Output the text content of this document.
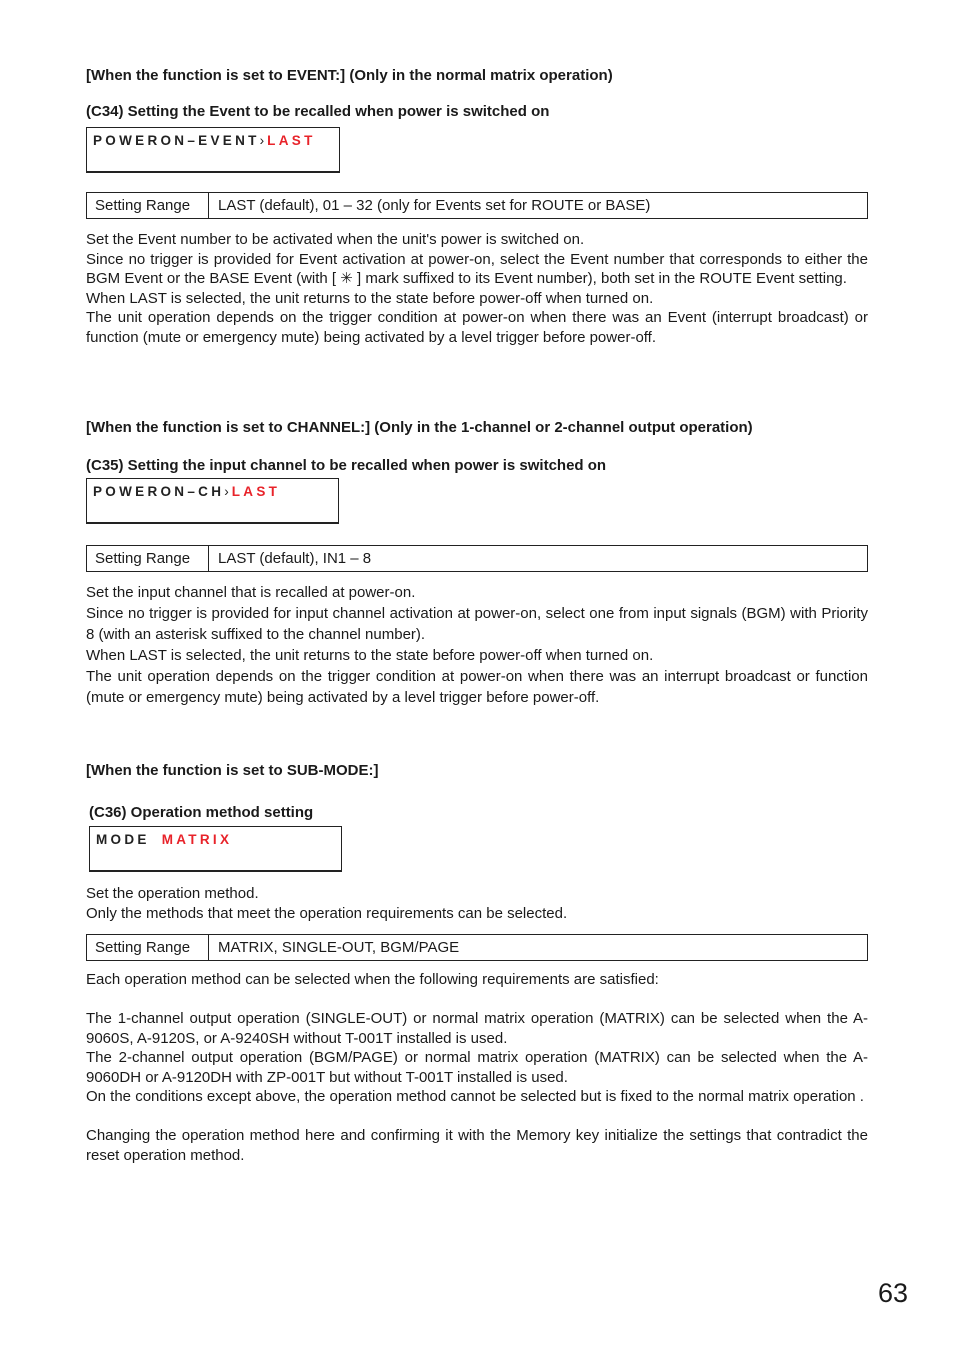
[When the function is set to EVENT:] (Only in the normal matrix operation)
(C34) Setting the Event to be recalled when power is switched on
POWERON–EVENT› LAST
Setting Range	LAST (default), 01 – 32 (only for Events set for ROUTE or BASE)

Set the Event number to be activated when the unit's power is switched on.

Since no trigger is provided for Event activation at power-on, select the Event number that corresponds to either the BGM Event or the BASE Event (with [ ✳ ] mark suffixed to its Event number), both set in the ROUTE Event setting.

When LAST is selected, the unit returns to the state before power-off when turned on.

The unit operation depends on the trigger condition at power-on when there was an Event (interrupt broadcast) or function (mute or emergency mute) being activated by a level trigger before power-off.

[When the function is set to CHANNEL:] (Only in the 1-channel or 2-channel output operation)
(C35) Setting the input channel to be recalled when power is switched on
POWERON–CH› LAST
Setting Range	LAST (default), IN1 – 8

Set the input channel that is recalled at power-on.

Since no trigger is provided for input channel activation at power-on, select one from input signals (BGM) with Priority 8 (with an asterisk suffixed to the channel number).

When LAST is selected, the unit returns to the state before power-off when turned on.

The unit operation depends on the trigger condition at power-on when there was an interrupt broadcast or function (mute or emergency mute) being activated by a level trigger before power-off.

[When the function is set to SUB-MODE:]
(C36) Operation method setting
MODE MATRIX

Set the operation method.

Only the methods that meet the operation requirements can be selected.

Setting Range	MATRIX, SINGLE-OUT, BGM/PAGE

Each operation method can be selected when the following requirements are satisfied:

The 1-channel output operation (SINGLE-OUT) or normal matrix operation (MATRIX) can be selected when the A-9060S, A-9120S, or A-9240SH without T-001T installed is used.

The 2-channel output operation (BGM/PAGE) or normal matrix operation (MATRIX) can be selected when the A-9060DH or A-9120DH with ZP-001T but without T-001T installed is used.

On the conditions except above, the operation method cannot be selected but is fixed to the normal matrix operation .

Changing the operation method here and confirming it with the Memory key initialize the settings that contradict the reset operation method.

63
